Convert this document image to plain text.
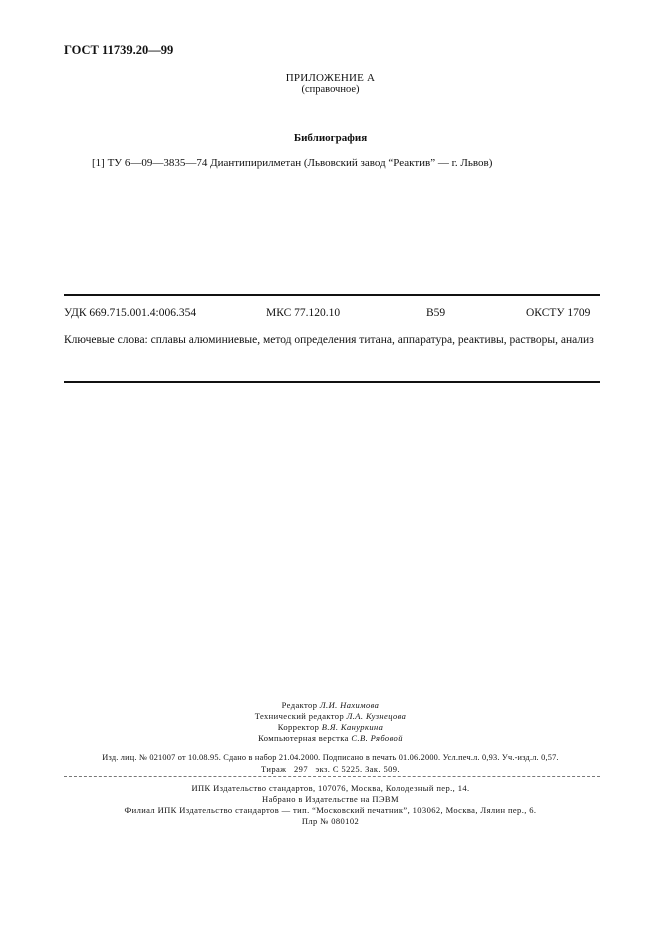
ГОСТ 11739.20—99
ПРИЛОЖЕНИЕ А
(справочное)
Библиография
[1] ТУ 6—09—3835—74 Диантипирилметан (Львовский завод “Реактив” — г. Львов)
УДК 669.715.001.4:006.354	МКС 77.120.10	В59	ОКСТУ 1709
Ключевые слова: сплавы алюминиевые, метод определения титана, аппаратура, реактивы, растворы, анализ
Редактор Л.И. Нахимова
Технический редактор Л.А. Кузнецова
Корректор В.Я. Кануркина
Компьютерная верстка С.В. Рябовой
Изд. лиц. № 021007 от 10.08.95. Сдано в набор 21.04.2000. Подписано в печать 01.06.2000. Усл.печ.л. 0,93. Уч.-изд.л. 0,57.
Тираж   297   экз. С 5225. Зак. 509.
ИПК Издательство стандартов, 107076, Москва, Колодезный пер., 14.
Набрано в Издательстве на ПЭВМ
Филиал ИПК Издательство стандартов — тип. “Московский печатник”, 103062, Москва, Лялин пер., 6.
Плр № 080102
